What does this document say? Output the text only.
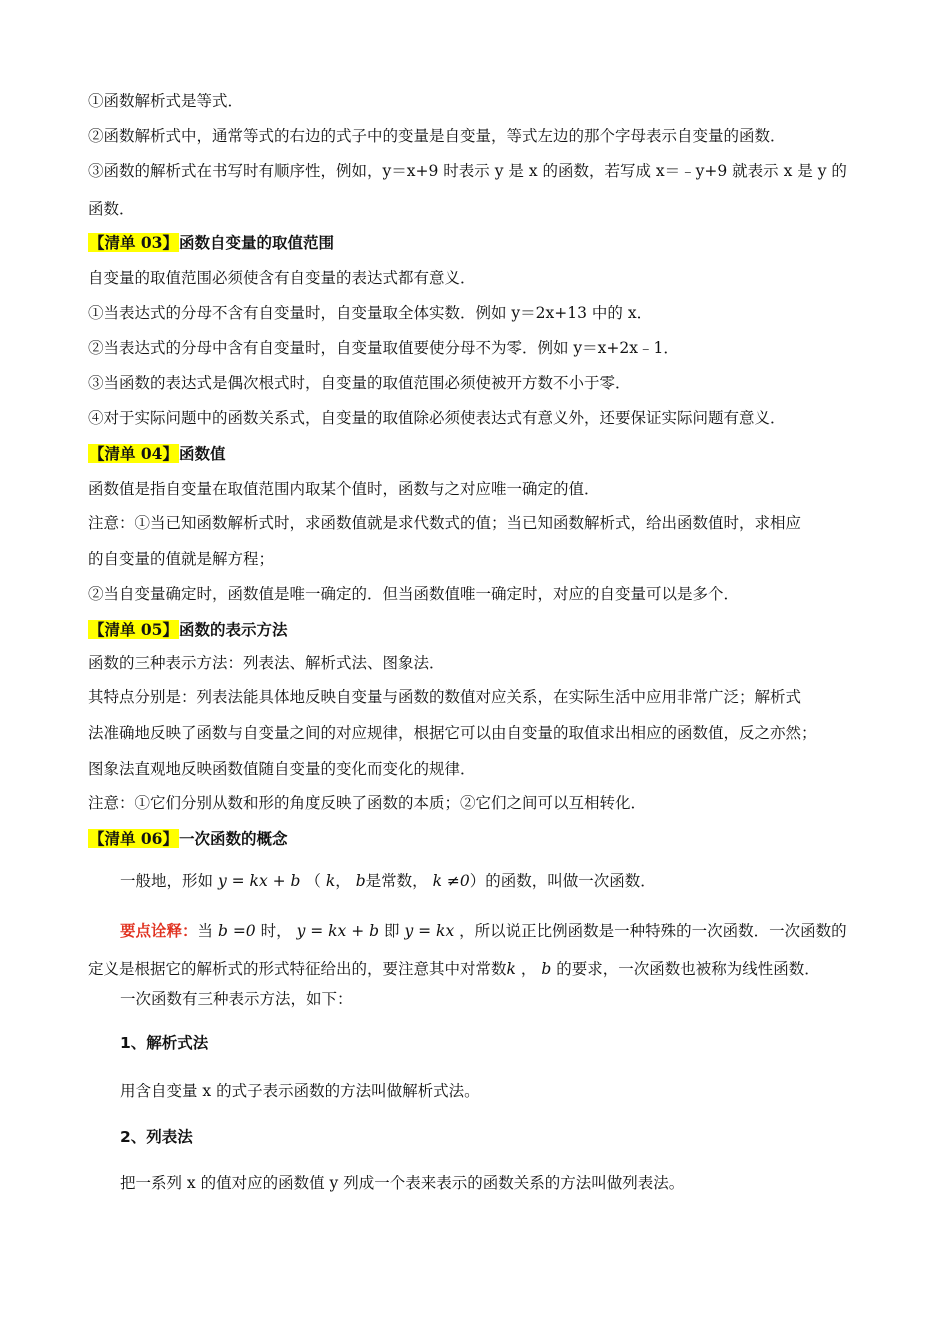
①函数解析式是等式．
②函数解析式中，通常等式的右边的式子中的变量是自变量，等式左边的那个字母表示自变量的函数．
③函数的解析式在书写时有顺序性，例如，y＝x+9 时表示 y 是 x 的函数，若写成 x＝﹣y+9 就表示 x 是 y 的
函数．
【清单 03】函数自变量的取值范围
自变量的取值范围必须使含有自变量的表达式都有意义．
①当表达式的分母不含有自变量时，自变量取全体实数．例如 y＝2x+13 中的 x．
②当表达式的分母中含有自变量时，自变量取值要使分母不为零．例如 y＝x+2x﹣1．
③当函数的表达式是偶次根式时，自变量的取值范围必须使被开方数不小于零．
④对于实际问题中的函数关系式，自变量的取值除必须使表达式有意义外，还要保证实际问题有意义．
【清单 04】函数值
函数值是指自变量在取值范围内取某个值时，函数与之对应唯一确定的值．
注意：①当已知函数解析式时，求函数值就是求代数式的值；当已知函数解析式，给出函数值时，求相应
的自变量的值就是解方程；
②当自变量确定时，函数值是唯一确定的．但当函数值唯一确定时，对应的自变量可以是多个．
【清单 05】函数的表示方法
函数的三种表示方法：列表法、解析式法、图象法．
其特点分别是：列表法能具体地反映自变量与函数的数值对应关系，在实际生活中应用非常广泛；解析式
法准确地反映了函数与自变量之间的对应规律，根据它可以由自变量的取值求出相应的函数值，反之亦然；
图象法直观地反映函数值随自变量的变化而变化的规律．
注意：①它们分别从数和形的角度反映了函数的本质；②它们之间可以互相转化．
【清单 06】一次函数的概念
一般地，形如 y = kx + b （ k， b是常数， k ≠0）的函数，叫做一次函数．
要点诠释：当 b =0 时， y = kx + b 即 y = kx ，所以说正比例函数是一种特殊的一次函数．一次函数的
定义是根据它的解析式的形式特征给出的，要注意其中对常数k ， b 的要求，一次函数也被称为线性函数．
一次函数有三种表示方法，如下：
1、解析式法
用含自变量 x 的式子表示函数的方法叫做解析式法。
2、列表法
把一系列 x 的值对应的函数值 y 列成一个表来表示的函数关系的方法叫做列表法。
